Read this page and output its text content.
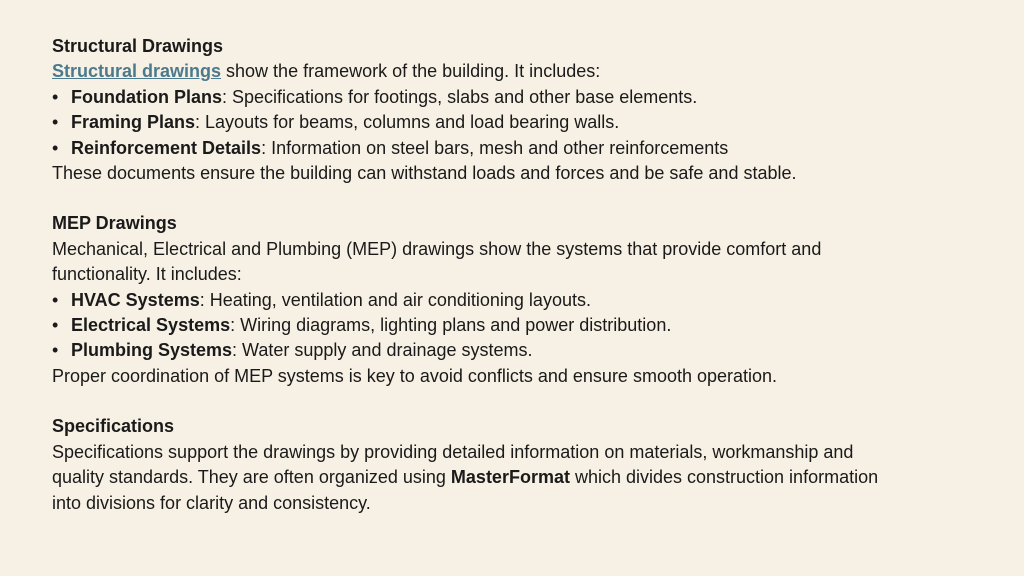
Structural Drawings

Structural drawings show the framework of the building. It includes:

• Foundation Plans: Specifications for footings, slabs and other base elements.

• Framing Plans: Layouts for beams, columns and load bearing walls.

• Reinforcement Details: Information on steel bars, mesh and other reinforcements

These documents ensure the building can withstand loads and forces and be safe and stable.

MEP Drawings

Mechanical, Electrical and Plumbing (MEP) drawings show the systems that provide comfort and

functionality. It includes:

• HVAC Systems: Heating, ventilation and air conditioning layouts.

• Electrical Systems: Wiring diagrams, lighting plans and power distribution.

• Plumbing Systems: Water supply and drainage systems.

Proper coordination of MEP systems is key to avoid conflicts and ensure smooth operation.

Specifications

Specifications support the drawings by providing detailed information on materials, workmanship and

quality standards. They are often organized using MasterFormat which divides construction information

into divisions for clarity and consistency.
